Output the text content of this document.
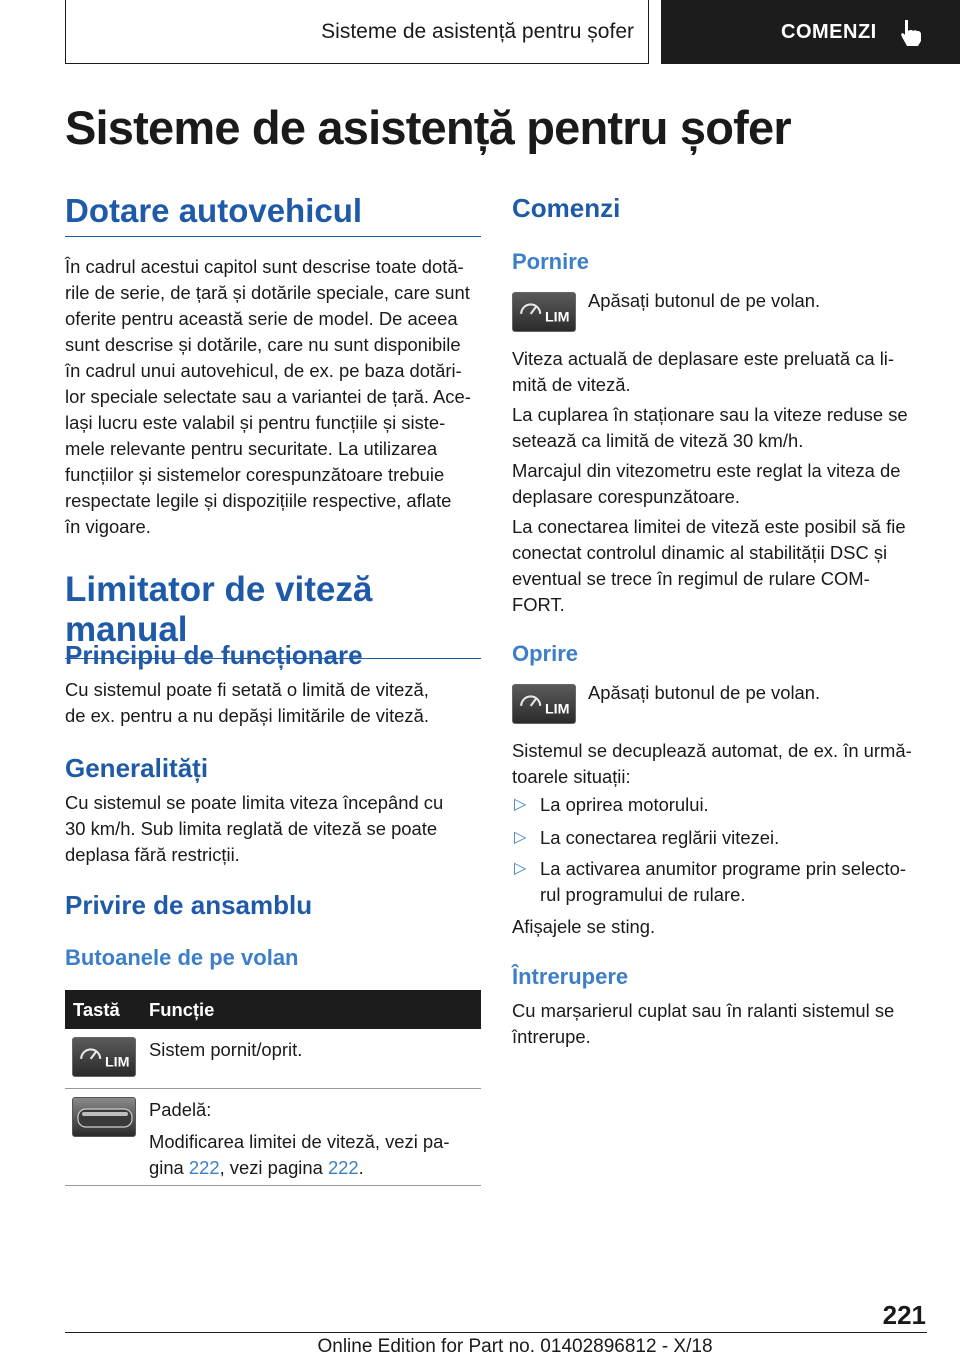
Sisteme de asistență pentru șofer	COMENZI
Sisteme de asistență pentru șofer
Dotare autovehicul
În cadrul acestui capitol sunt descrise toate dotă-
rile de serie, de țară și dotările speciale, care sunt
oferite pentru această serie de model. De aceea
sunt descrise și dotările, care nu sunt disponibile
în cadrul unui autovehicul, de ex. pe baza dotări-
lor speciale selectate sau a variantei de țară. Ace-
lași lucru este valabil și pentru funcțiile și siste-
mele relevante pentru securitate. La utilizarea
funcțiilor și sistemelor corespunzătoare trebuie
respectate legile și dispozițiile respective, aflate
în vigoare.
Limitator de viteză manual
Principiu de funcționare
Cu sistemul poate fi setată o limită de viteză,
de ex. pentru a nu depăși limitările de viteză.
Generalități
Cu sistemul se poate limita viteza începând cu
30 km/h. Sub limita reglată de viteză se poate
deplasa fără restricții.
Privire de ansamblu
Butoanele de pe volan
Tastă Funcție
LIM
Sistem pornit/oprit.
Padelă:
Modificarea limitei de viteză, vezi pa-
gina 222, vezi pagina 222.
Comenzi
Pornire
LIM
Apăsați butonul de pe volan.
Viteza actuală de deplasare este preluată ca li-
mită de viteză.
La cuplarea în staționare sau la viteze reduse se
setează ca limită de viteză 30 km/h.
Marcajul din vitezometru este reglat la viteza de
deplasare corespunzătoare.
La conectarea limitei de viteză este posibil să fie
conectat controlul dinamic al stabilității DSC și
eventual se trece în regimul de rulare COM-
FORT.
Oprire
LIM
Apăsați butonul de pe volan.
Sistemul se decuplează automat, de ex. în urmă-
toarele situații:
▷ La oprirea motorului.
▷ La conectarea reglării vitezei.
▷ La activarea anumitor programe prin selecto-
rul programului de rulare.
Afișajele se sting.
Întrerupere
Cu marșarierul cuplat sau în ralanti sistemul se
întrerupe.
221
Online Edition for Part no. 01402896812 - X/18
